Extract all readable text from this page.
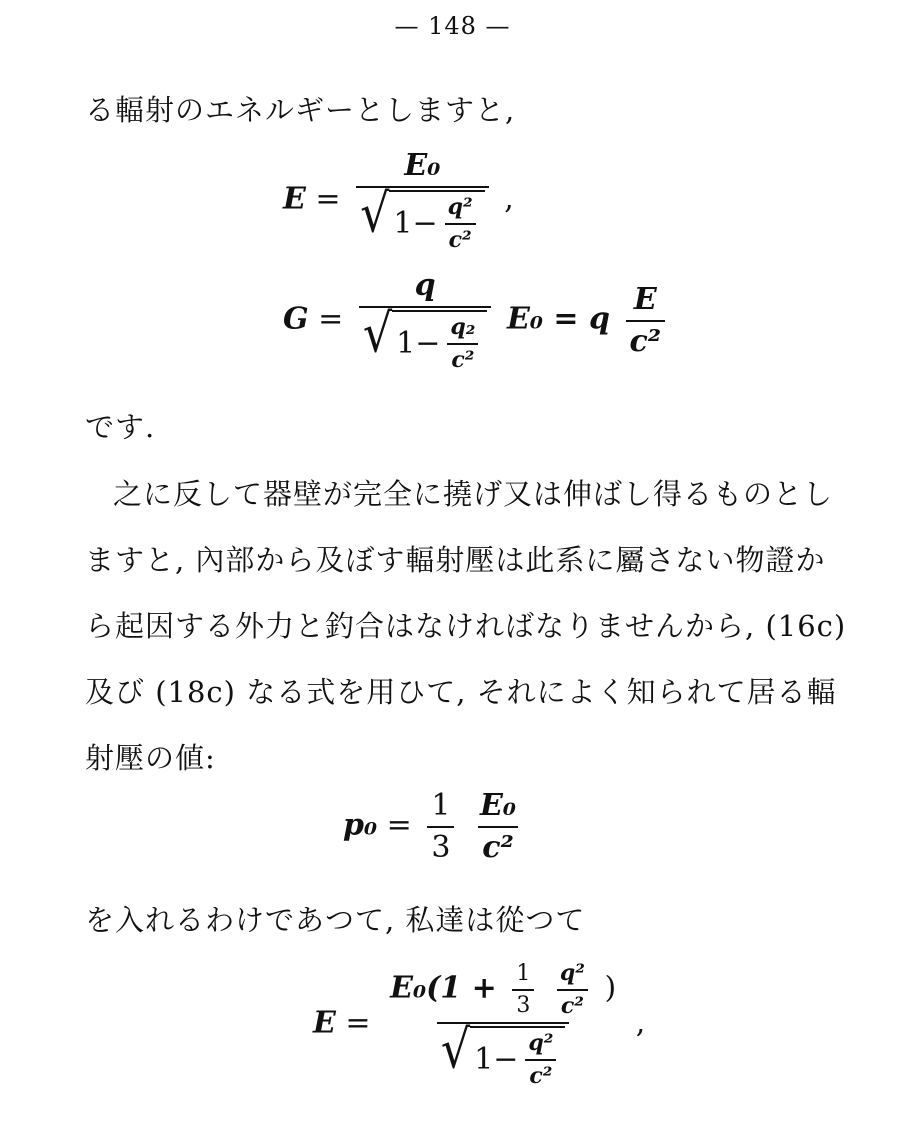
— 148 —
る輻射のエネルギーとしますと,
E =
E₀
√ $1 - \frac{\text{q²}}{\text{c²}}$ ,
G =
q
√ $1 - \frac{\text{q₂}}{\text{c²}} E_0 = q \frac{E}{\text{c²}}$
です.
之に反して器壁が完全に撓げ又は伸ばし得るものとし
ますと, 內部から及ぼす輻射壓は此系に屬さない物證か
ら起因する外力と釣合はなければなりませんから, (16c)
及び (18c) なる式を用ひて, それによく知られて居る輻
射壓の値:
$p_0 = \frac{1}{3}$
$\frac{\text{E₀}}{\text{c²}}$
を入れるわけであつて, 私達は從つて
E =
$E_0(1 + \frac{1}{3}$
$\frac{\text{q²}}{\text{c²}}$ )
√ $1 - \frac{\text{q²}}{\text{c²}}$
,
